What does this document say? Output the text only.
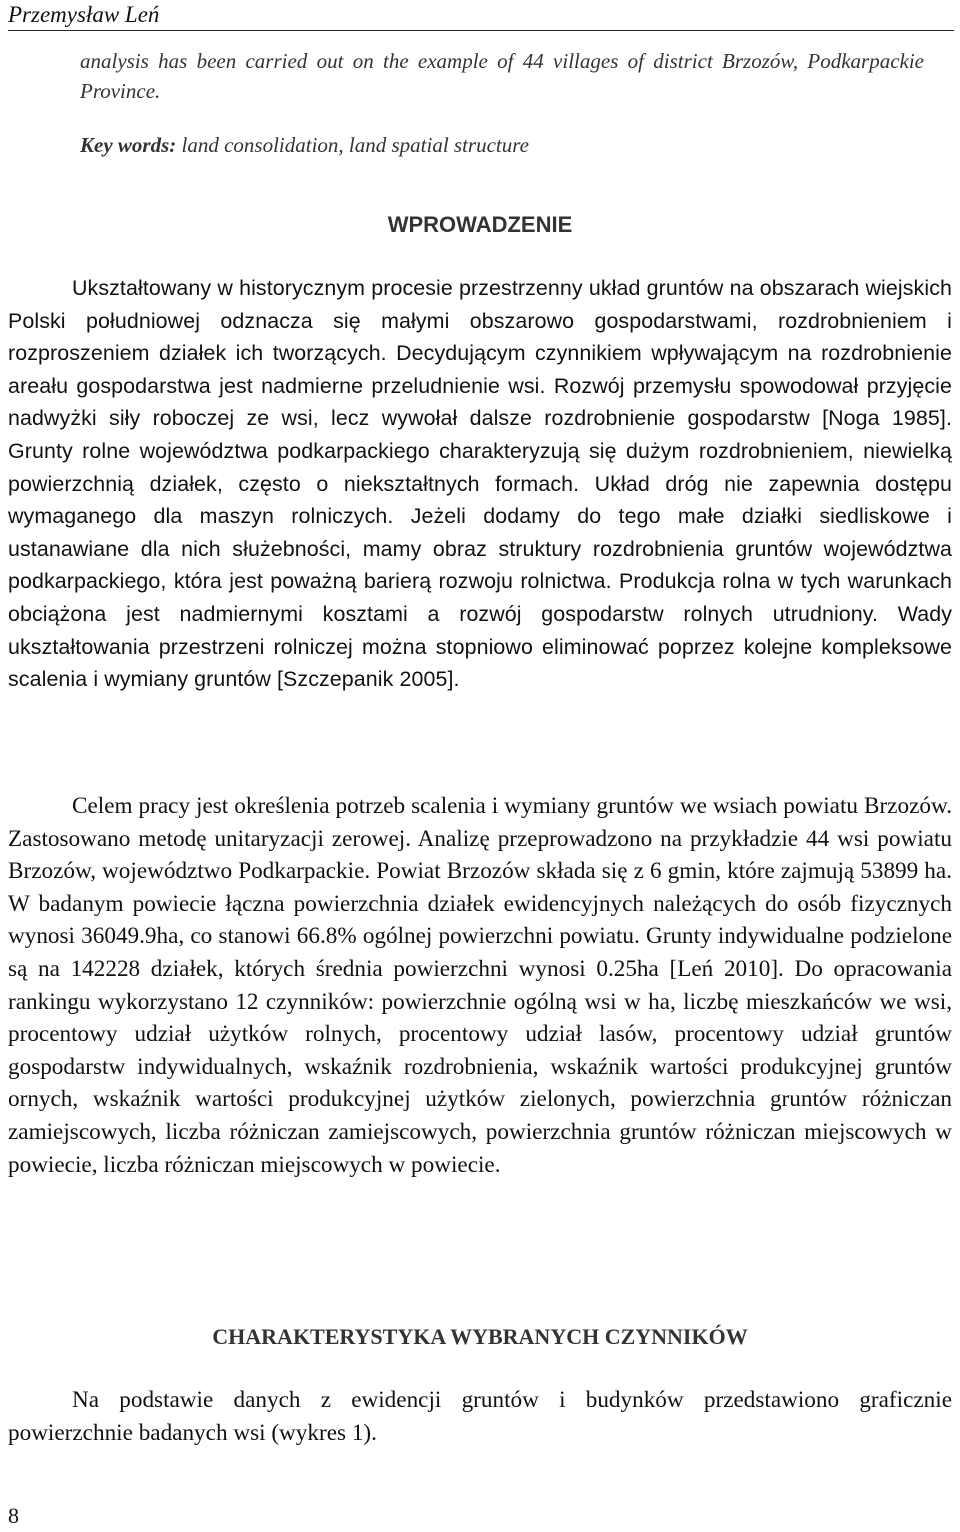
Przemysław Leń
analysis has been carried out on the example of 44 villages of district Brzozów, Podkarpackie Province.
Key words: land consolidation, land spatial structure
WPROWADZENIE

Ukształtowany w historycznym procesie przestrzenny układ gruntów na obszarach wiejskich Polski południowej odznacza się małymi obszarowo gospodarstwami, rozdrobnieniem i rozproszeniem działek ich tworzących. Decydującym czynnikiem wpływającym na rozdrobnienie areału gospodarstwa jest nadmierne przeludnienie wsi. Rozwój przemysłu spowodował przyjęcie nadwyżki siły roboczej ze wsi, lecz wywołał dalsze rozdrobnienie gospodarstw [Noga 1985]. Grunty rolne województwa podkarpackiego charakteryzują się dużym rozdrobnieniem, niewielką powierzchnią działek, często o niekształtnych formach. Układ dróg nie zapewnia dostępu wymaganego dla maszyn rolniczych. Jeżeli dodamy do tego małe działki siedliskowe i ustanawiane dla nich służebności, mamy obraz struktury rozdrobnienia gruntów województwa podkarpackiego, która jest poważną barierą rozwoju rolnictwa. Produkcja rolna w tych warunkach obciążona jest nadmiernymi kosztami a rozwój gospodarstw rolnych utrudniony. Wady ukształtowania przestrzeni rolniczej można stopniowo eliminować poprzez kolejne kompleksowe scalenia i wymiany gruntów [Szczepanik 2005].

Celem pracy jest określenia potrzeb scalenia i wymiany gruntów we wsiach powiatu Brzozów. Zastosowano metodę unitaryzacji zerowej. Analizę przeprowadzono na przykładzie 44 wsi powiatu Brzozów, województwo Podkarpackie. Powiat Brzozów składa się z 6 gmin, które zajmują 53899 ha. W badanym powiecie łączna powierzchnia działek ewidencyjnych należących do osób fizycznych wynosi 36049.9ha, co stanowi 66.8% ogólnej powierzchni powiatu. Grunty indywidualne podzielone są na 142228 działek, których średnia powierzchni wynosi 0.25ha [Leń 2010]. Do opracowania rankingu wykorzystano 12 czynników: powierzchnie ogólną wsi w ha, liczbę mieszkańców we wsi, procentowy udział użytków rolnych, procentowy udział lasów, procentowy udział gruntów gospodarstw indywidualnych, wskaźnik rozdrobnienia, wskaźnik wartości produkcyjnej gruntów ornych, wskaźnik wartości produkcyjnej użytków zielonych, powierzchnia gruntów różniczan zamiejscowych, liczba różniczan zamiejscowych, powierzchnia gruntów różniczan miejscowych w powiecie, liczba różniczan miejscowych w powiecie.

CHARAKTERYSTYKA WYBRANYCH CZYNNIKÓW

Na podstawie danych z ewidencji gruntów i budynków przedstawiono graficznie powierzchnie badanych wsi (wykres 1).

8
